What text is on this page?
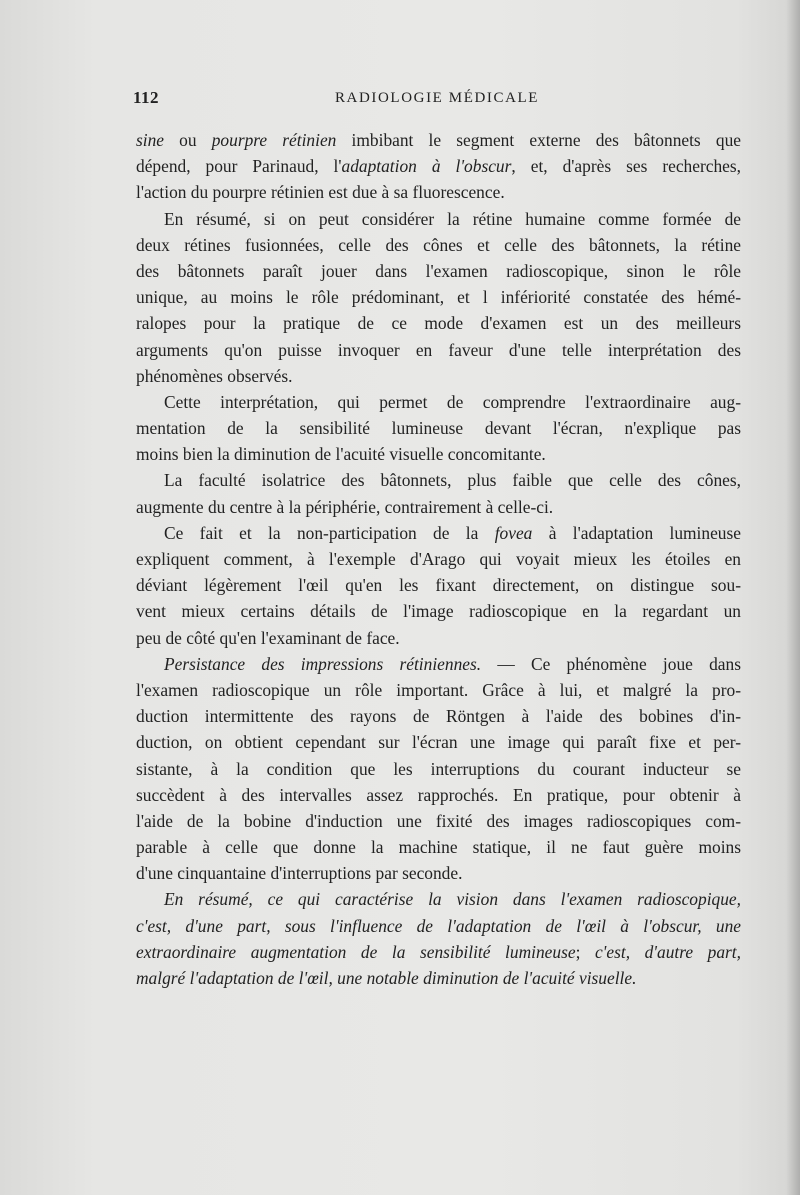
112	RADIOLOGIE MÉDICALE
sine ou pourpre rétinien imbibant le segment externe des bâtonnets que
dépend, pour Parinaud, l'adaptation à l'obscur, et, d'après ses recherches,
l'action du pourpre rétinien est due à sa fluorescence.
En résumé, si on peut considérer la rétine humaine comme formée de
deux rétines fusionnées, celle des cônes et celle des bâtonnets, la rétine
des bâtonnets paraît jouer dans l'examen radioscopique, sinon le rôle
unique, au moins le rôle prédominant, et l infériorité constatée des hémé-
ralopes pour la pratique de ce mode d'examen est un des meilleurs
arguments qu'on puisse invoquer en faveur d'une telle interprétation des
phénomènes observés.
Cette interprétation, qui permet de comprendre l'extraordinaire aug-
mentation de la sensibilité lumineuse devant l'écran, n'explique pas
moins bien la diminution de l'acuité visuelle concomitante.
La faculté isolatrice des bâtonnets, plus faible que celle des cônes,
augmente du centre à la périphérie, contrairement à celle-ci.
Ce fait et la non-participation de la fovea à l'adaptation lumineuse
expliquent comment, à l'exemple d'Arago qui voyait mieux les étoiles en
déviant légèrement l'œil qu'en les fixant directement, on distingue sou-
vent mieux certains détails de l'image radioscopique en la regardant un
peu de côté qu'en l'examinant de face.
Persistance des impressions rétiniennes. — Ce phénomène joue dans
l'examen radioscopique un rôle important. Grâce à lui, et malgré la pro-
duction intermittente des rayons de Röntgen à l'aide des bobines d'in-
duction, on obtient cependant sur l'écran une image qui paraît fixe et per-
sistante, à la condition que les interruptions du courant inducteur se
succèdent à des intervalles assez rapprochés. En pratique, pour obtenir à
l'aide de la bobine d'induction une fixité des images radioscopiques com-
parable à celle que donne la machine statique, il ne faut guère moins
d'une cinquantaine d'interruptions par seconde.
En résumé, ce qui caractérise la vision dans l'examen radioscopique,
c'est, d'une part, sous l'influence de l'adaptation de l'œil à l'obscur, une
extraordinaire augmentation de la sensibilité lumineuse; c'est, d'autre part,
malgré l'adaptation de l'œil, une notable diminution de l'acuité visuelle.
